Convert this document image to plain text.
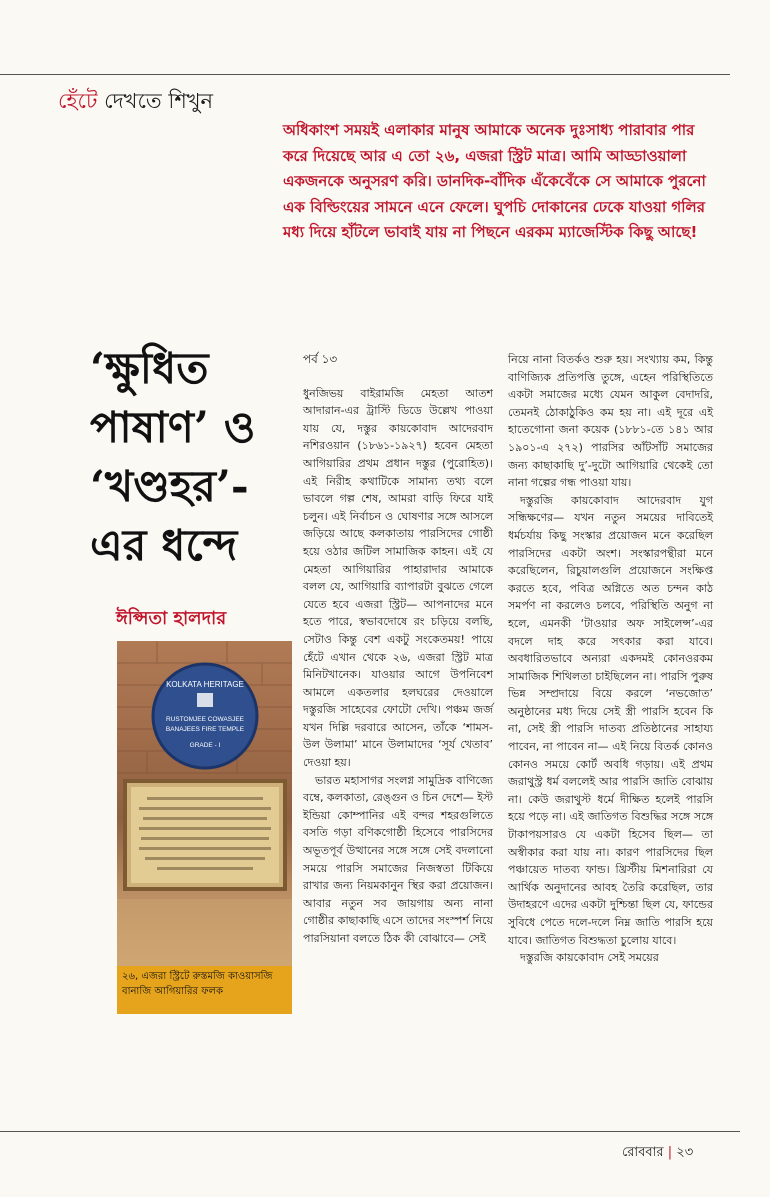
হেঁটে দেখতে শিখুন
অধিকাংশ সময়ই এলাকার মানুষ আমাকে অনেক দুঃসাধ্য পারাবার পার করে দিয়েছে আর এ তো ২৬, এজরা স্ট্রিট মাত্র। আমি আড্ডাওয়ালা একজনকে অনুসরণ করি। ডানদিক-বাঁদিক এঁকেবেঁকে সে আমাকে পুরনো এক বিল্ডিংয়ের সামনে এনে ফেলে। ঘুপচি দোকানের ঢেকে যাওয়া গলির মধ্য দিয়ে হাঁটলে ভাবাই যায় না পিছনে এরকম ম্যাজেস্টিক কিছু আছে!
‘ক্ষুধিত
পাষাণ’ ও
‘খণ্ডহর’-
এর ধন্দে
ঈপ্সিতা হালদার
KOLKATA HERITAGE
RUSTOMJEE COWASJEE
BANAJEES FIRE TEMPLE
GRADE - I
২৬, এজরা স্ট্রিটে রুস্তমজি কাওয়াসজি বানাজি আগিয়ারির ফলক

পর্ব ১৩

ধুনজিভয় বাইরামজি মেহতা আতশ আদারান-এর ট্রাস্টি ডিডে উল্লেখ পাওয়া যায় যে, দস্তুর কায়কোবাদ আদেরবাদ নশিরওয়ান (১৮৬১-১৯২৭) হবেন মেহতা আগিয়ারির প্রথম প্রধান দস্তুর (পুরোহিত)। এই নিরীহ কথাটিকে সামান্য তথ্য বলে ভাবলে গল্প শেষ, আমরা বাড়ি ফিরে যাই চলুন। এই নির্বাচন ও ঘোষণার সঙ্গে আসলে জড়িয়ে আছে কলকাতায় পারসিদের গোষ্ঠী হয়ে ওঠার জটিল সামাজিক কাহন। এই যে মেহতা আগিয়ারির পাহারাদার আমাকে বলল যে, আগিয়ারি ব্যাপারটা বুঝতে গেলে যেতে হবে এজরা স্ট্রিট— আপনাদের মনে হতে পারে, স্বভাবদোষে রং চড়িয়ে বলছি, সেটাও কিন্তু বেশ একটু সংকেতময়! পায়ে হেঁটে এখান থেকে ২৬, এজরা স্ট্রিট মাত্র মিনিটখানেক। যাওয়ার আগে উপনিবেশ আমলে একতলার হলঘরের দেওয়ালে দস্তুরজি সাহেবের ফোটো দেখি। পঞ্চম জর্জ যখন দিল্লি দরবারে আসেন, তাঁকে ‘শামস-উল উলামা’ মানে উলামাদের ‘সূর্য খেতাব’ দেওয়া হয়।

ভারত মহাসাগর সংলগ্ন সামুদ্রিক বাণিজ্যে বম্বে, কলকাতা, রেঙ্গুন ও চিন দেশে— ইস্ট ইন্ডিয়া কোম্পানির এই বন্দর শহরগুলিতে বসতি গড়া বণিকগোষ্ঠী হিসেবে পারসিদের অভূতপূর্ব উত্থানের সঙ্গে সঙ্গে সেই বদলানো সময়ে পারসি সমাজের নিজস্বতা টিকিয়ে রাখার জন্য নিয়মকানুন স্থির করা প্রয়োজন। আবার নতুন সব জায়গায় অন্য নানা গোষ্ঠীর কাছাকাছি এসে তাদের সংস্পর্শ নিয়ে পারসিয়ানা বলতে ঠিক কী বোঝাবে— সেই

নিয়ে নানা বিতর্কও শুরু হয়। সংখ্যায় কম, কিন্তু বাণিজ্যিক প্রতিপত্তি তুঙ্গে, এহেন পরিস্থিতিতে একটা সমাজের মধ্যে যেমন আকুল বেদাদরি, তেমনই ঠোকাঠুকিও কম হয় না। এই দূরে এই হাতেগোনা জনা কয়েক (১৮৮১-তে ১৪১ আর ১৯০১-এ ২৭২) পারসির আঁটসাঁট সমাজের জন্য কাছাকাছি দু’-দুটো আগিয়ারি থেকেই তো নানা গল্পের গন্ধ পাওয়া যায়।

দস্তুরজি কায়কোবাদ আদেরবাদ যুগ সন্ধিক্ষণের— যখন নতুন সময়ের দাবিতেই ধর্মচর্যায় কিছু সংস্কার প্রয়োজন মনে করেছিল পারসিদের একটা অংশ। সংস্কারপন্থীরা মনে করেছিলেন, রিচুয়ালগুলি প্রয়োজনে সংক্ষিপ্ত করতে হবে, পবিত্র অগ্নিতে অত চন্দন কাঠ সমর্পণ না করলেও চলবে, পরিস্থিতি অনুগ না হলে, এমনকী ‘টাওয়ার অফ সাইলেন্স’-এর বদলে দাহ করে সৎকার করা যাবে। অবধারিতভাবে অন্যরা একদমই কোনওরকম সামাজিক শিথিলতা চাইছিলেন না। পারসি পুরুষ ভিন্ন সম্প্রদায়ে বিয়ে করলে ‘নভজোত’ অনুষ্ঠানের মধ্য দিয়ে সেই স্ত্রী পারসি হবেন কি না, সেই স্ত্রী পারসি দাতব্য প্রতিষ্ঠানের সাহায্য পাবেন, না পাবেন না— এই নিয়ে বিতর্ক কোনও কোনও সময়ে কোর্ট অবধি গড়ায়। এই প্রথম জরাথুস্ট্র ধর্ম বললেই আর পারসি জাতি বোঝায় না। কেউ জরাথুস্ট ধর্মে দীক্ষিত হলেই পারসি হয়ে পড়ে না। এই জাতিগত বিশুদ্ধির সঙ্গে সঙ্গে টাকাপয়সারও যে একটা হিসেব ছিল— তা অস্বীকার করা যায় না। কারণ পারসিদের ছিল পঞ্চায়েত দাতব্য ফান্ড। খ্রিস্টীয় মিশনারিরা যে আর্থিক অনুদানের আবহ তৈরি করেছিল, তার উদাহরণে এদের একটা দুশ্চিন্তা ছিল যে, ফান্ডের সুবিধে পেতে দলে-দলে নিম্ন জাতি পারসি হয়ে যাবে। জাতিগত বিশুদ্ধতা চুলোয় যাবে।

দস্তুরজি কায়কোবাদ সেই সময়ের

রোববার | ২৩
